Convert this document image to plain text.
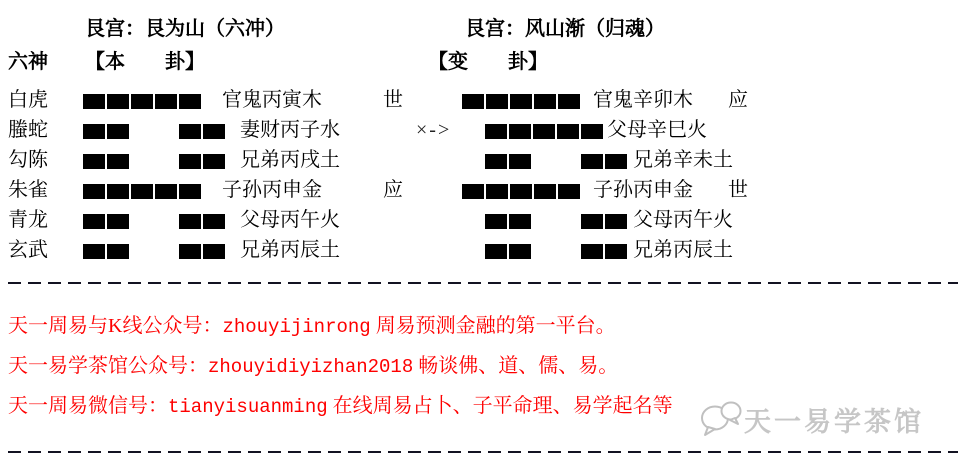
艮宫：艮为山（六冲）	艮宫：风山渐（归魂）
六神 【本　　卦】	【变　　卦】
白虎	官鬼丙寅木	世	官鬼辛卯木 应
螣蛇	妻财丙子水	×->	父母辛巳火
勾陈	兄弟丙戌土	兄弟辛未土
朱雀	子孙丙申金	应	子孙丙申金 世
青龙	父母丙午火	父母丙午火
玄武	兄弟丙辰土	兄弟丙辰土
天一周易与K线公众号：zhouyijinrong 周易预测金融的第一平台。
天一易学茶馆公众号：zhouyidiyizhan2018 畅谈佛、道、儒、易。
天一周易微信号：tianyisuanming 在线周易占卜、子平命理、易学起名等
天一易学茶馆
